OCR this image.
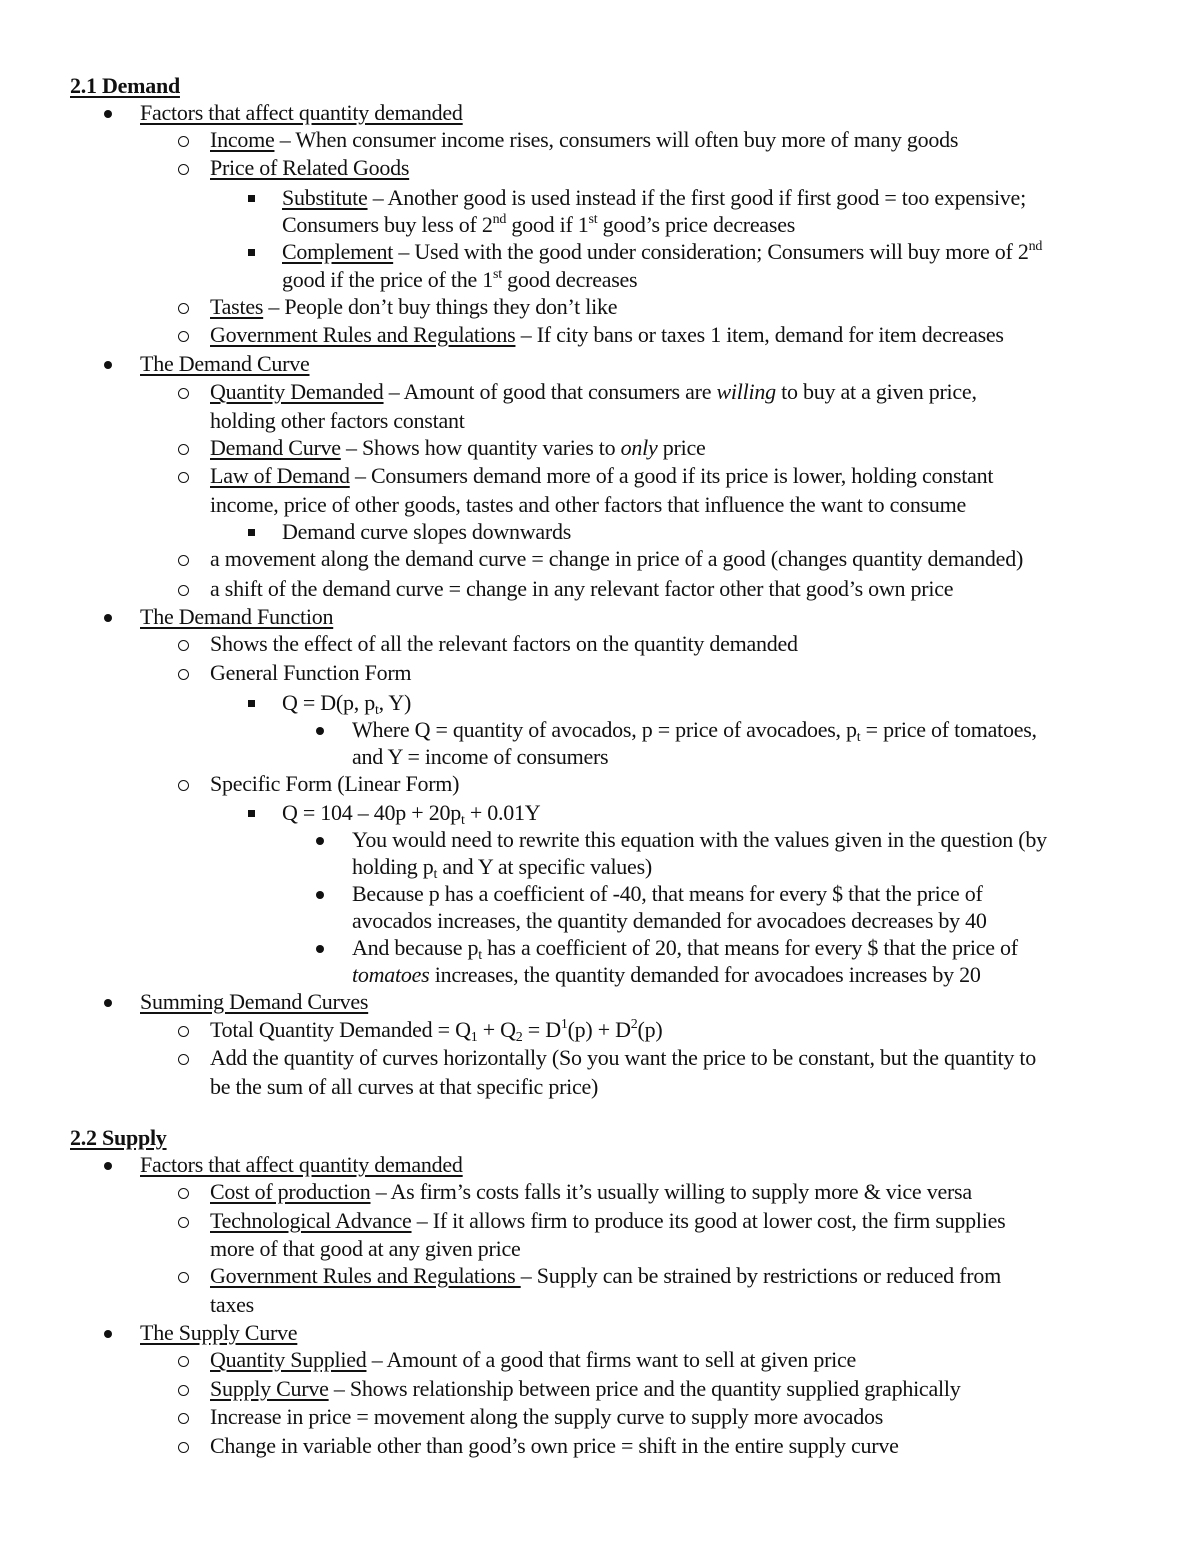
2.1 Demand
Factors that affect quantity demanded
Income – When consumer income rises, consumers will often buy more of many goods
Price of Related Goods
Substitute – Another good is used instead if the first good if first good = too expensive;
Consumers buy less of 2nd good if 1st good’s price decreases
Complement – Used with the good under consideration; Consumers will buy more of 2nd
good if the price of the 1st good decreases
Tastes – People don’t buy things they don’t like
Government Rules and Regulations – If city bans or taxes 1 item, demand for item decreases
The Demand Curve
Quantity Demanded – Amount of good that consumers are willing to buy at a given price,
holding other factors constant
Demand Curve – Shows how quantity varies to only price
Law of Demand – Consumers demand more of a good if its price is lower, holding constant
income, price of other goods, tastes and other factors that influence the want to consume
Demand curve slopes downwards
a movement along the demand curve = change in price of a good (changes quantity demanded)
a shift of the demand curve = change in any relevant factor other that good’s own price
The Demand Function
Shows the effect of all the relevant factors on the quantity demanded
General Function Form
Q = D(p, $p_t$, Y)
Where Q = quantity of avocados, p = price of avocadoes, $p_t$ = price of tomatoes,
and Y = income of consumers
Specific Form (Linear Form)
$Q = 104 - 40p + 20p_t + 0.01Y$
You would need to rewrite this equation with the values given in the question (by
holding $p_t$ and Y at specific values)
Because p has a coefficient of -40, that means for every $ that the price of
avocados increases, the quantity demanded for avocadoes decreases by 40
And because $p_t$ has a coefficient of 20, that means for every $ that the price of
tomatoes increases, the quantity demanded for avocadoes increases by 20
Summing Demand Curves
Total Quantity Demanded = $Q_1 + Q_2 = D^1(p) + D^2(p)$
Add the quantity of curves horizontally (So you want the price to be constant, but the quantity to
be the sum of all curves at that specific price)
2.2 Supply
Factors that affect quantity demanded
Cost of production – As firm’s costs falls it’s usually willing to supply more & vice versa
Technological Advance – If it allows firm to produce its good at lower cost, the firm supplies
more of that good at any given price
Government Rules and Regulations – Supply can be strained by restrictions or reduced from
taxes
The Supply Curve
Quantity Supplied – Amount of a good that firms want to sell at given price
Supply Curve – Shows relationship between price and the quantity supplied graphically
Increase in price = movement along the supply curve to supply more avocados
Change in variable other than good’s own price = shift in the entire supply curve
